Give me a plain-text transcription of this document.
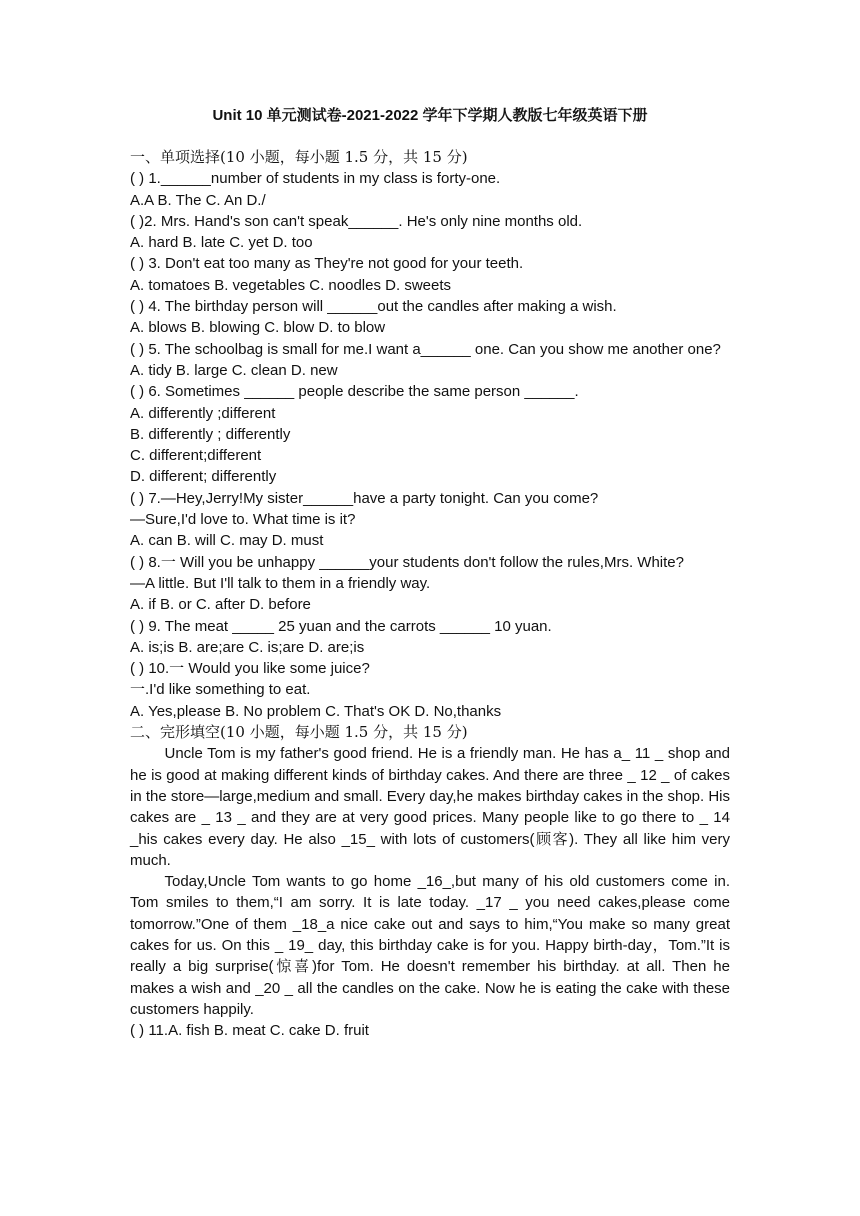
Unit 10 单元测试卷-2021-2022 学年下学期人教版七年级英语下册

一、单项选择(10 小题，每小题 1.5 分，共 15 分)

( ) 1.______number of students in my class is forty-one.

A.A B. The C. An D./

( )2. Mrs. Hand's son can't speak______. He's only nine months old.

A. hard B. late C. yet D. too

( ) 3. Don't eat too many as They're not good for your teeth.

A. tomatoes B. vegetables C. noodles D. sweets

( ) 4. The birthday person will ______out the candles after making a wish.

A. blows B. blowing C. blow D. to blow

( ) 5. The schoolbag is small for me.I want a______ one. Can you show me another one?

A. tidy B. large C. clean D. new

( ) 6. Sometimes ______ people describe the same person ______.

A. differently ;different

B. differently ; differently

C. different;different

D. different; differently

( ) 7.—Hey,Jerry!My sister______have a party tonight. Can you come?

—Sure,I'd love to. What time is it?

A. can B. will C. may D. must

( ) 8.一 Will you be unhappy ______your students don't follow the rules,Mrs. White?

—A little. But I'll talk to them in a friendly way.

A. if B. or C. after D. before

( ) 9. The meat _____ 25 yuan and the carrots ______ 10 yuan.

A. is;is B. are;are C. is;are D. are;is

( ) 10.一 Would you like some juice?

一.I'd like something to eat.

A. Yes,please B. No problem C. That's OK D. No,thanks

二、完形填空(10 小题，每小题 1.5 分，共 15 分)

Uncle Tom is my father's good friend. He is a friendly man. He has a_ 11 _ shop and he is good at making different kinds of birthday cakes. And there are three _ 12 _ of cakes in the store—large,medium and small. Every day,he makes birthday cakes in the shop. His cakes are _ 13 _ and they are at very good prices. Many people like to go there to _ 14 _his cakes every day. He also _15_ with lots of customers(顾客). They all like him very much.

Today,Uncle Tom wants to go home _16_,but many of his old customers come in. Tom smiles to them,“I am sorry. It is late today. _17 _ you need cakes,please come tomorrow.”One of them _18_a nice cake out and says to him,“You make so many great cakes for us. On this _ 19_ day, this birthday cake is for you. Happy birth-day，Tom.”It is really a big surprise(惊喜)for Tom. He doesn't remember his birthday. at all. Then he makes a wish and _20 _ all the candles on the cake. Now he is eating the cake with these customers happily.

( ) 11.A. fish B. meat C. cake D. fruit
